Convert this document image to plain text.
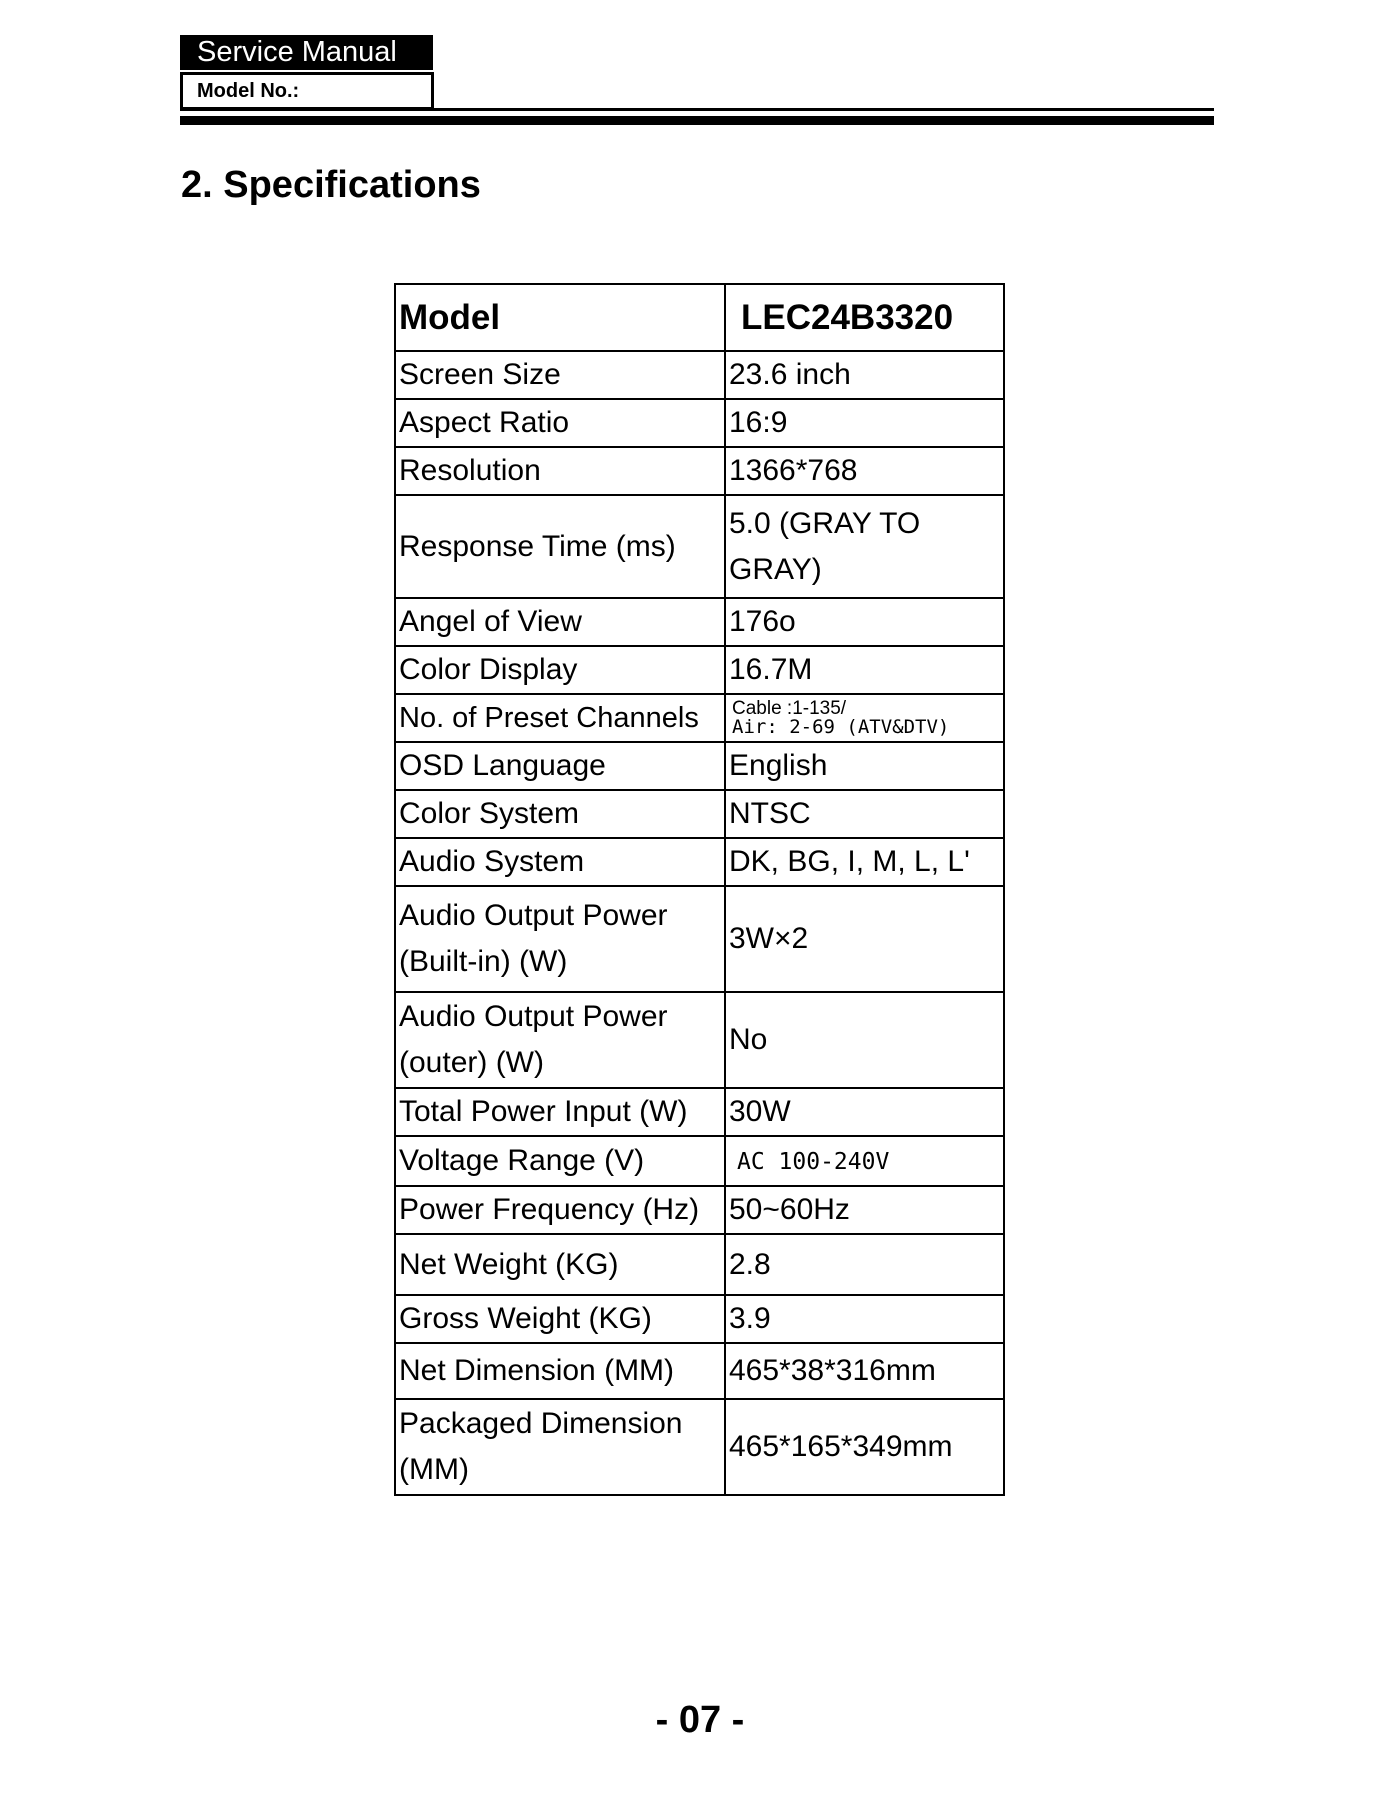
Service Manual
Model No.:
2. Specifications
Model	LEC24B3320
Screen Size	23.6 inch
Aspect Ratio	16:9
Resolution	1366*768
Response Time (ms)	5.0 (GRAY TO GRAY)
Angel of View	176o
Color Display	16.7M
No. of Preset Channels	Cable :1-135/
Air: 2-69 (ATV&DTV)

OSD Language	English
Color System	NTSC
Audio System	DK, BG, I, M, L, L'
Audio Output Power (Built-in) (W)	3W×2
Audio Output Power (outer) (W)	No
Total Power Input (W)	30W
Voltage Range (V)	AC 100-240V
Power Frequency (Hz)	50~60Hz
Net Weight (KG)	2.8
Gross Weight (KG)	3.9
Net Dimension (MM)	465*38*316mm
Packaged Dimension (MM)	465*165*349mm
- 07 -
